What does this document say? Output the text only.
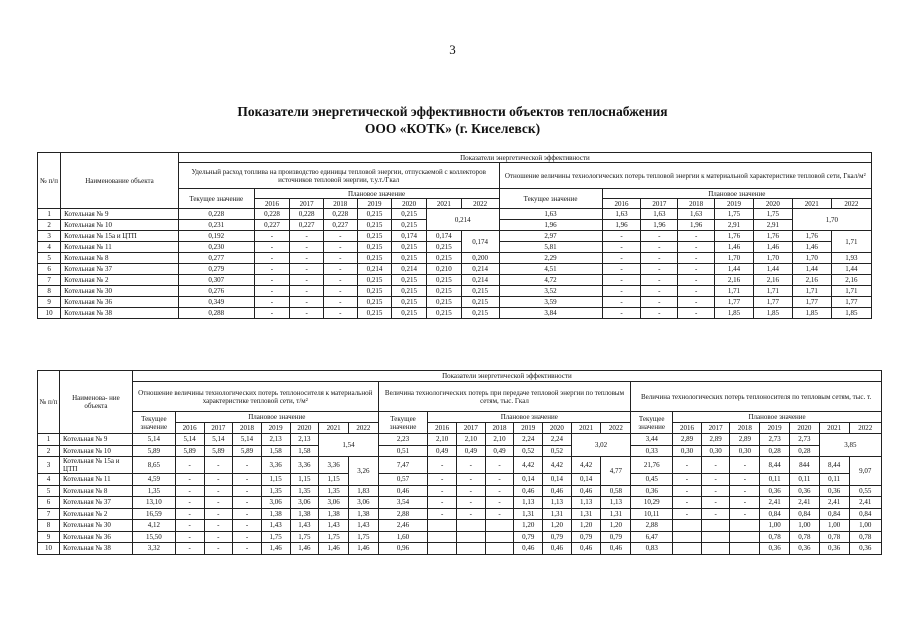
3
Показатели энергетической эффективности объектов теплоснабжения
ООО «КОТК» (г. Киселевск)
№ п/п	Наименование объекта	Показатели энергетической эффективности															
		Удельный расход топлива на производство единицы тепловой энергии, отпускаемой с коллекторов источников тепловой энергии, т.у.т./Гкал								Отношение величины технологических потерь тепловой энергии к материальной характеристике тепловой сети, Гкал/м²							
		Текущее значение	Плановое значение							Текущее значение	Плановое значение						
			2016	2017	2018	2019	2020	2021	2022		2016	2017	2018	2019	2020	2021	2022
1	Котельная № 9	0,228	0,228	0,228	0,228	0,215	0,215	0,214		1,63	1,63	1,63	1,63	1,75	1,75	1,70	
2	Котельная № 10	0,231	0,227	0,227	0,227	0,215	0,215			1,96	1,96	1,96	1,96	2,91	2,91		
3	Котельная № 15а и ЦТП	0,192	-	-	-	0,215	0,174	0,174	0,174	2,97	-	-	-	1,76	1,76	1,76	1,71
4	Котельная № 11	0,230	-	-	-	0,215	0,215	0,215		5,81	-	-	-	1,46	1,46	1,46	
5	Котельная № 8	0,277	-	-	-	0,215	0,215	0,215	0,200	2,29	-	-	-	1,70	1,70	1,70	1,93
6	Котельная № 37	0,279	-	-	-	0,214	0,214	0,210	0,214	4,51	-	-	-	1,44	1,44	1,44	1,44
7	Котельная № 2	0,307	-	-	-	0,215	0,215	0,215	0,214	4,72	-	-	-	2,16	2,16	2,16	2,16
8	Котельная № 30	0,276	-	-	-	0,215	0,215	0,215	0,215	3,52	-	-	-	1,71	1,71	1,71	1,71
9	Котельная № 36	0,349	-	-	-	0,215	0,215	0,215	0,215	3,59	-	-	-	1,77	1,77	1,77	1,77
10	Котельная № 38	0,288	-	-	-	0,215	0,215	0,215	0,215	3,84	-	-	-	1,85	1,85	1,85	1,85
№ п/п	Наименова- ние объекта	Показатели энергетической эффективности																							
		Отношение величины технологических потерь теплоносителя к материальной характеристике тепловой сети, т/м²								Величина технологических потерь при передаче тепловой энергии по тепловым сетям, тыс. Гкал								Величина технологических потерь теплоносителя по тепловым сетям, тыс. т.							
		Текущее значение	Плановое значение							Текущее значение	Плановое значение							Текущее значение	Плановое значение						
			2016	2017	2018	2019	2020	2021	2022		2016	2017	2018	2019	2020	2021	2022		2016	2017	2018	2019	2020	2021	2022
1	Котельная № 9	5,14	5,14	5,14	5,14	2,13	2,13	1,54		2,23	2,10	2,10	2,10	2,24	2,24	3,02		3,44	2,89	2,89	2,89	2,73	2,73	3,85	
2	Котельная № 10	5,89	5,89	5,89	5,89	1,58	1,58			0,51	0,49	0,49	0,49	0,52	0,52			0,33	0,30	0,30	0,30	0,28	0,28		
3	Котельная № 15а и ЦТП	8,65	-	-	-	3,36	3,36	3,36	3,26	7,47	-	-	-	4,42	4,42	4,42	4,77	21,76	-	-	-	8,44	844	8,44	9,07
4	Котельная № 11	4,59	-	-	-	1,15	1,15	1,15		0,57	-	-	-	0,14	0,14	0,14		0,45	-	-	-	0,11	0,11	0,11	
5	Котельная № 8	1,35	-	-	-	1,35	1,35	1,35	1,83	0,46	-	-	-	0,46	0,46	0,46	0,58	0,36	-	-	-	0,36	0,36	0,36	0,55
6	Котельная № 37	13,10	-	-	-	3,06	3,06	3,06	3,06	3,54	-	-	-	1,13	1,13	1,13	1,13	10,29	-	-	-	2,41	2,41	2,41	2,41
7	Котельная № 2	16,59	-	-	-	1,38	1,38	1,38	1,38	2,88	-	-	-	1,31	1,31	1,31	1,31	10,11	-	-	-	0,84	0,84	0,84	0,84
8	Котельная № 30	4,12	-	-	-	1,43	1,43	1,43	1,43	2,46				1,20	1,20	1,20	1,20	2,88				1,00	1,00	1,00	1,00
9	Котельная № 36	15,50	-	-	-	1,75	1,75	1,75	1,75	1,60				0,79	0,79	0,79	0,79	6,47				0,78	0,78	0,78	0,78
10	Котельная № 38	3,32	-	-	-	1,46	1,46	1,46	1,46	0,96				0,46	0,46	0,46	0,46	0,83				0,36	0,36	0,36	0,36
